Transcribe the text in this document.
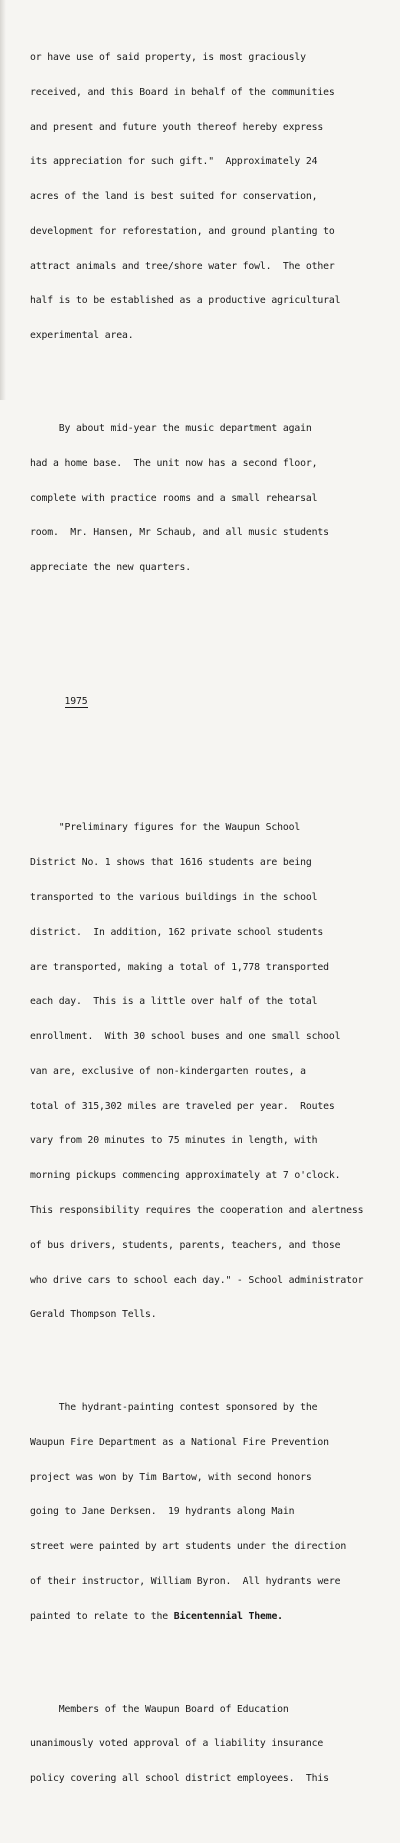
or have use of said property, is most graciously

received, and this Board in behalf of the communities

and present and future youth thereof hereby express

its appreciation for such gift."  Approximately 24

acres of the land is best suited for conservation,

development for reforestation, and ground planting to

attract animals and tree/shore water fowl.  The other

half is to be established as a productive agricultural

experimental area.

By about mid-year the music department again

had a home base.  The unit now has a second floor,

complete with practice rooms and a small rehearsal

room.  Mr. Hansen, Mr Schaub, and all music students

appreciate the new quarters.

1975

"Preliminary figures for the Waupun School

District No. 1 shows that 1616 students are being

transported to the various buildings in the school

district.  In addition, 162 private school students

are transported, making a total of 1,778 transported

each day.  This is a little over half of the total

enrollment.  With 30 school buses and one small school

van are, exclusive of non-kindergarten routes, a

total of 315,302 miles are traveled per year.  Routes

vary from 20 minutes to 75 minutes in length, with

morning pickups commencing approximately at 7 o'clock.

This responsibility requires the cooperation and alertness

of bus drivers, students, parents, teachers, and those

who drive cars to school each day." - School administrator

Gerald Thompson Tells.

The hydrant-painting contest sponsored by the

Waupun Fire Department as a National Fire Prevention

project was won by Tim Bartow, with second honors

going to Jane Derksen.  19 hydrants along Main

street were painted by art students under the direction

of their instructor, William Byron.  All hydrants were

painted to relate to the Bicentennial Theme.

Members of the Waupun Board of Education

unanimously voted approval of a liability insurance

policy covering all school district employees.  This
